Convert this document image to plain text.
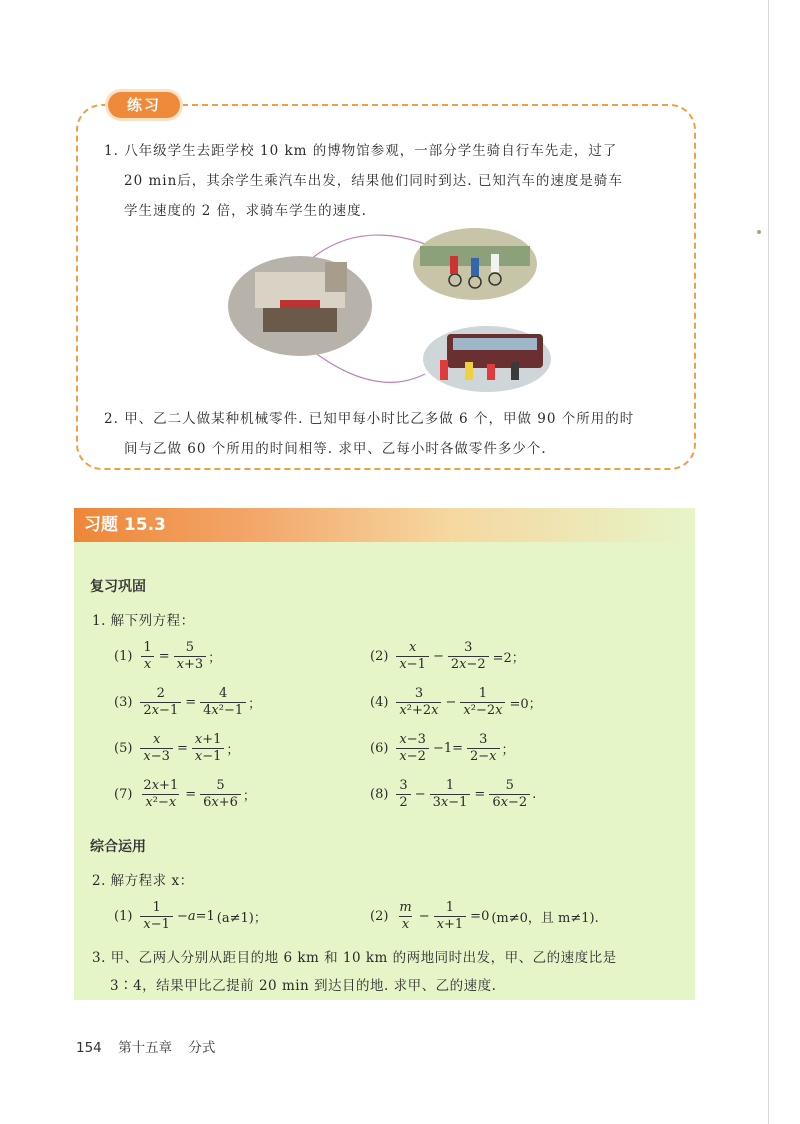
练习
1. 八年级学生去距学校 10 km 的博物馆参观，一部分学生骑自行车先走，过了
20 min后，其余学生乘汽车出发，结果他们同时到达. 已知汽车的速度是骑车
学生速度的 2 倍，求骑车学生的速度.
2. 甲、乙二人做某种机械零件. 已知甲每小时比乙多做 6 个，甲做 90 个所用的时
间与乙做 60 个所用的时间相等. 求甲、乙每小时各做零件多少个.
习题 15.3
复习巩固
1. 解下列方程：
$(1) \frac{1}{x} = \frac{5}{x+3}$ ；	$(2) \frac{x}{x-1} - \frac{3}{2x-2} =2$；
$(3) \frac{2}{2x-1} = \frac{4}{\text{4x²−1}}$ ；	$(4) \frac{3}{\text{x²+2x}} - \frac{1}{\text{x²−2x}} =0$；
$(5) \frac{x}{x-3} = \frac{x+1}{x-1}$ ；	$(6) \frac{x-3}{x-2} -1= \frac{3}{2-x}$ ；
$(7) \frac{2x+1}{\text{x²−x}} = \frac{5}{6x+6}$ ；	$(8) \frac{3}{2} - \frac{1}{3x-1} = \frac{5}{6x-2}$ .
综合运用
2. 解方程求 x：
$(1) \frac{1}{x-1} -a=1$ (a≠1)；	$(2) \frac{m}{x} - \frac{1}{x+1} =0$ (m≠0，且 m≠1).
3. 甲、乙两人分别从距目的地 6 km 和 10 km 的两地同时出发，甲、乙的速度比是
3∶4，结果甲比乙提前 20 min 到达目的地. 求甲、乙的速度.
154 第十五章 分式
